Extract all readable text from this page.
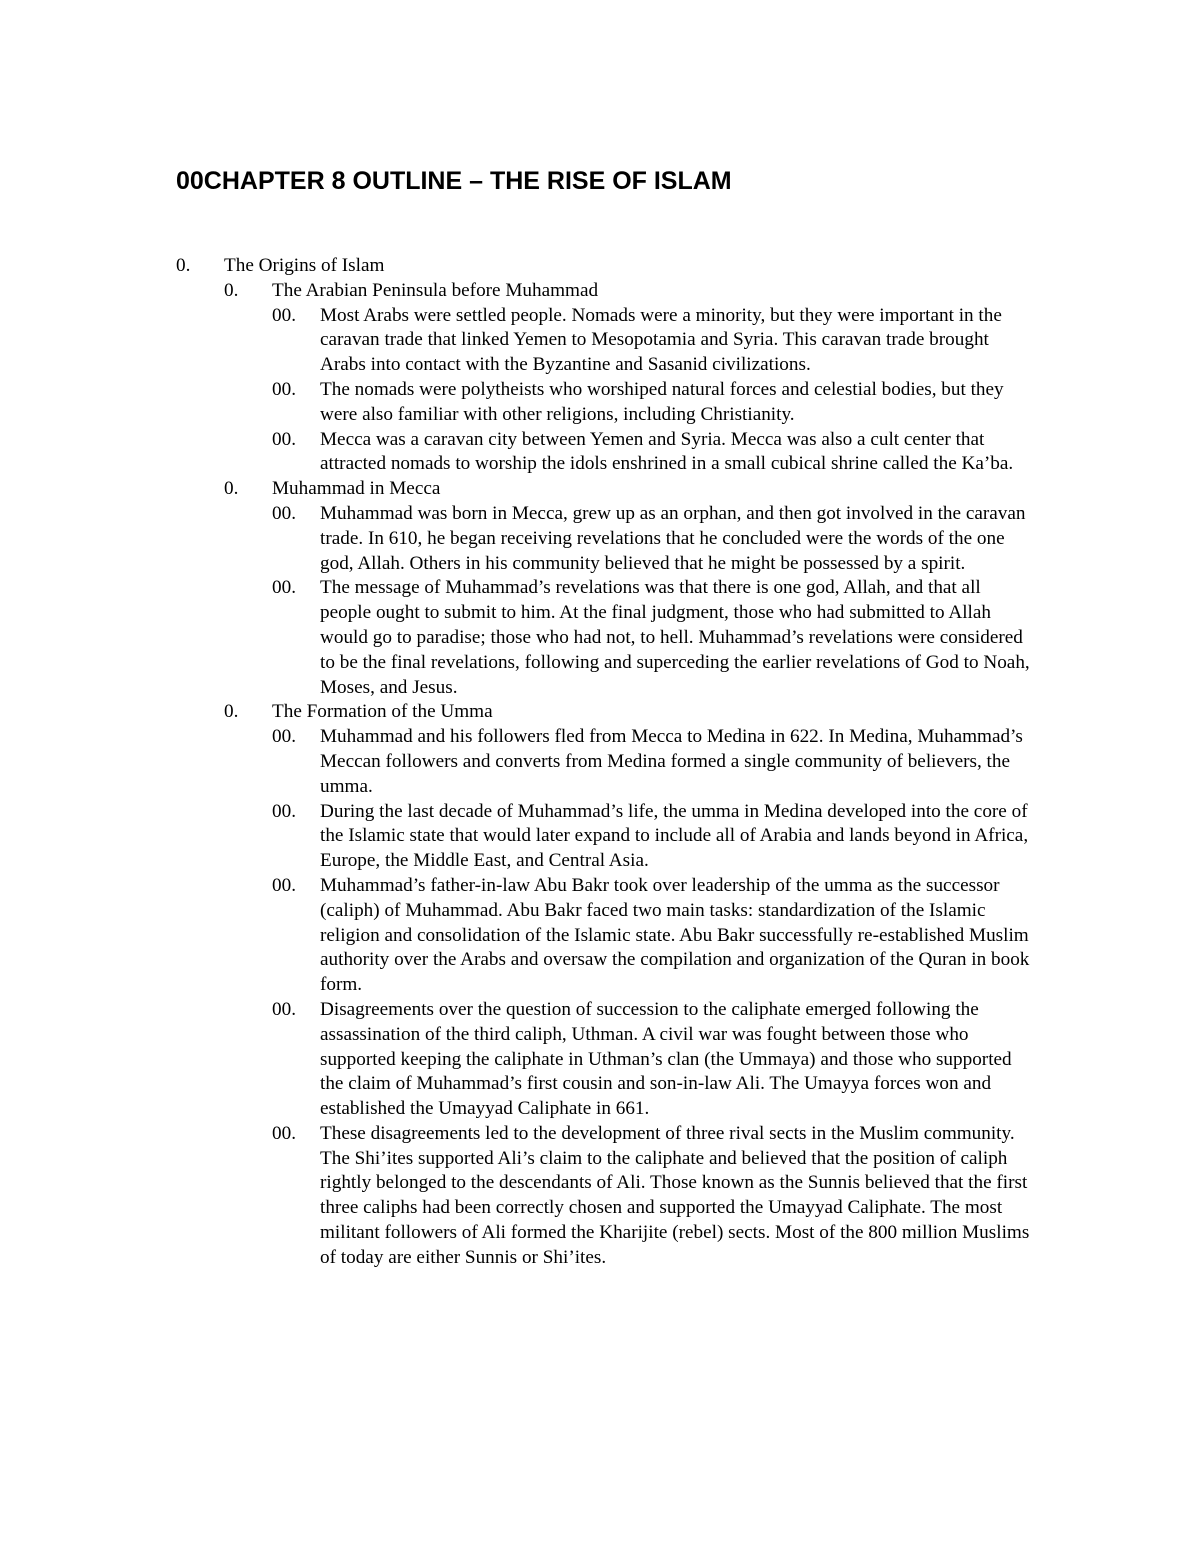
00CHAPTER 8 OUTLINE – THE RISE OF ISLAM
0. The Origins of Islam
0. The Arabian Peninsula before Muhammad
00. Most Arabs were settled people. Nomads were a minority, but they were important in the caravan trade that linked Yemen to Mesopotamia and Syria. This caravan trade brought Arabs into contact with the Byzantine and Sasanid civilizations.
00. The nomads were polytheists who worshiped natural forces and celestial bodies, but they were also familiar with other religions, including Christianity.
00. Mecca was a caravan city between Yemen and Syria. Mecca was also a cult center that attracted nomads to worship the idols enshrined in a small cubical shrine called the Ka’ba.
0. Muhammad in Mecca
00. Muhammad was born in Mecca, grew up as an orphan, and then got involved in the caravan trade. In 610, he began receiving revelations that he concluded were the words of the one god, Allah. Others in his community believed that he might be possessed by a spirit.
00. The message of Muhammad’s revelations was that there is one god, Allah, and that all people ought to submit to him. At the final judgment, those who had submitted to Allah would go to paradise; those who had not, to hell. Muhammad’s revelations were considered to be the final revelations, following and superceding the earlier revelations of God to Noah, Moses, and Jesus.
0. The Formation of the Umma
00. Muhammad and his followers fled from Mecca to Medina in 622. In Medina, Muhammad’s Meccan followers and converts from Medina formed a single community of believers, the umma.
00. During the last decade of Muhammad’s life, the umma in Medina developed into the core of the Islamic state that would later expand to include all of Arabia and lands beyond in Africa, Europe, the Middle East, and Central Asia.
00. Muhammad’s father-in-law Abu Bakr took over leadership of the umma as the successor (caliph) of Muhammad. Abu Bakr faced two main tasks: standardization of the Islamic religion and consolidation of the Islamic state. Abu Bakr successfully re-established Muslim authority over the Arabs and oversaw the compilation and organization of the Quran in book form.
00. Disagreements over the question of succession to the caliphate emerged following the assassination of the third caliph, Uthman. A civil war was fought between those who supported keeping the caliphate in Uthman’s clan (the Ummaya) and those who supported the claim of Muhammad’s first cousin and son-in-law Ali. The Umayya forces won and established the Umayyad Caliphate in 661.
00. These disagreements led to the development of three rival sects in the Muslim community. The Shi’ites supported Ali’s claim to the caliphate and believed that the position of caliph rightly belonged to the descendants of Ali. Those known as the Sunnis believed that the first three caliphs had been correctly chosen and supported the Umayyad Caliphate. The most militant followers of Ali formed the Kharijite (rebel) sects. Most of the 800 million Muslims of today are either Sunnis or Shi’ites.
